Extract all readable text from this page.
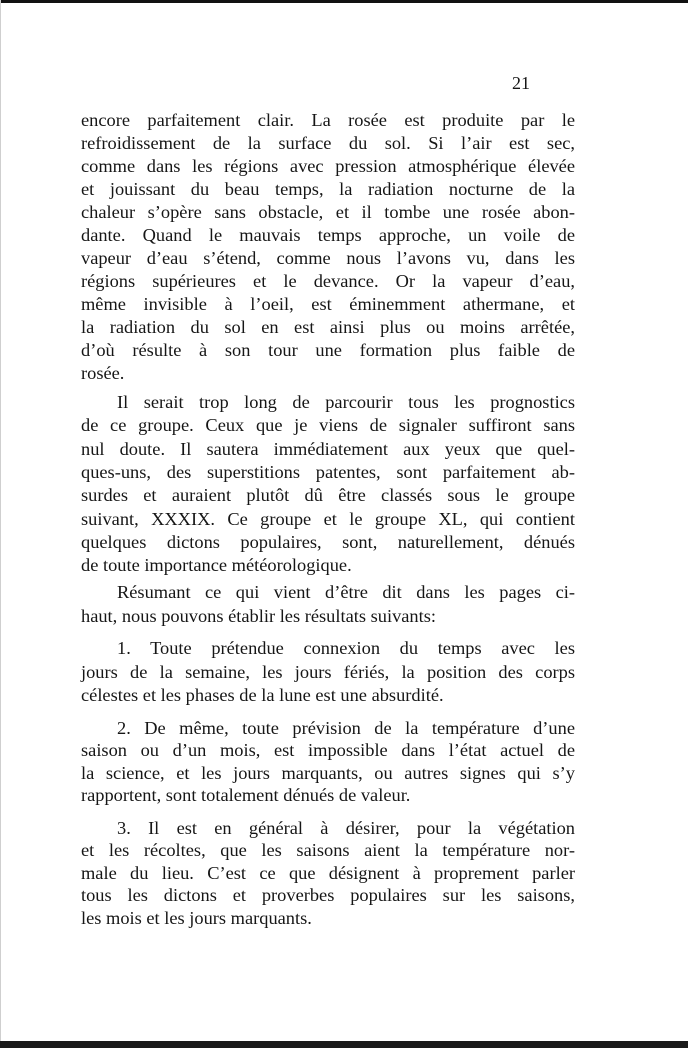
21
encore parfaitement clair. La rosée est produite par le
refroidissement de la surface du sol. Si l’air est sec,
comme dans les régions avec pression atmosphérique élevée
et jouissant du beau temps, la radiation nocturne de la
chaleur s’opère sans obstacle, et il tombe une rosée abon-
dante. Quand le mauvais temps approche, un voile de
vapeur d’eau s’étend, comme nous l’avons vu, dans les
régions supérieures et le devance. Or la vapeur d’eau,
même invisible à l’oeil, est éminemment athermane, et
la radiation du sol en est ainsi plus ou moins arrêtée,
d’où résulte à son tour une formation plus faible de
rosée.
Il serait trop long de parcourir tous les prognostics
de ce groupe. Ceux que je viens de signaler suffiront sans
nul doute. Il sautera immédiatement aux yeux que quel-
ques-uns, des superstitions patentes, sont parfaitement ab-
surdes et auraient plutôt dû être classés sous le groupe
suivant, XXXIX. Ce groupe et le groupe XL, qui contient
quelques dictons populaires, sont, naturellement, dénués
de toute importance météorologique.
Résumant ce qui vient d’être dit dans les pages ci-
haut, nous pouvons établir les résultats suivants:
1. Toute prétendue connexion du temps avec les
jours de la semaine, les jours fériés, la position des corps
célestes et les phases de la lune est une absurdité.
2. De même, toute prévision de la température d’une
saison ou d’un mois, est impossible dans l’état actuel de
la science, et les jours marquants, ou autres signes qui s’y
rapportent, sont totalement dénués de valeur.
3. Il est en général à désirer, pour la végétation
et les récoltes, que les saisons aient la température nor-
male du lieu. C’est ce que désignent à proprement parler
tous les dictons et proverbes populaires sur les saisons,
les mois et les jours marquants.
